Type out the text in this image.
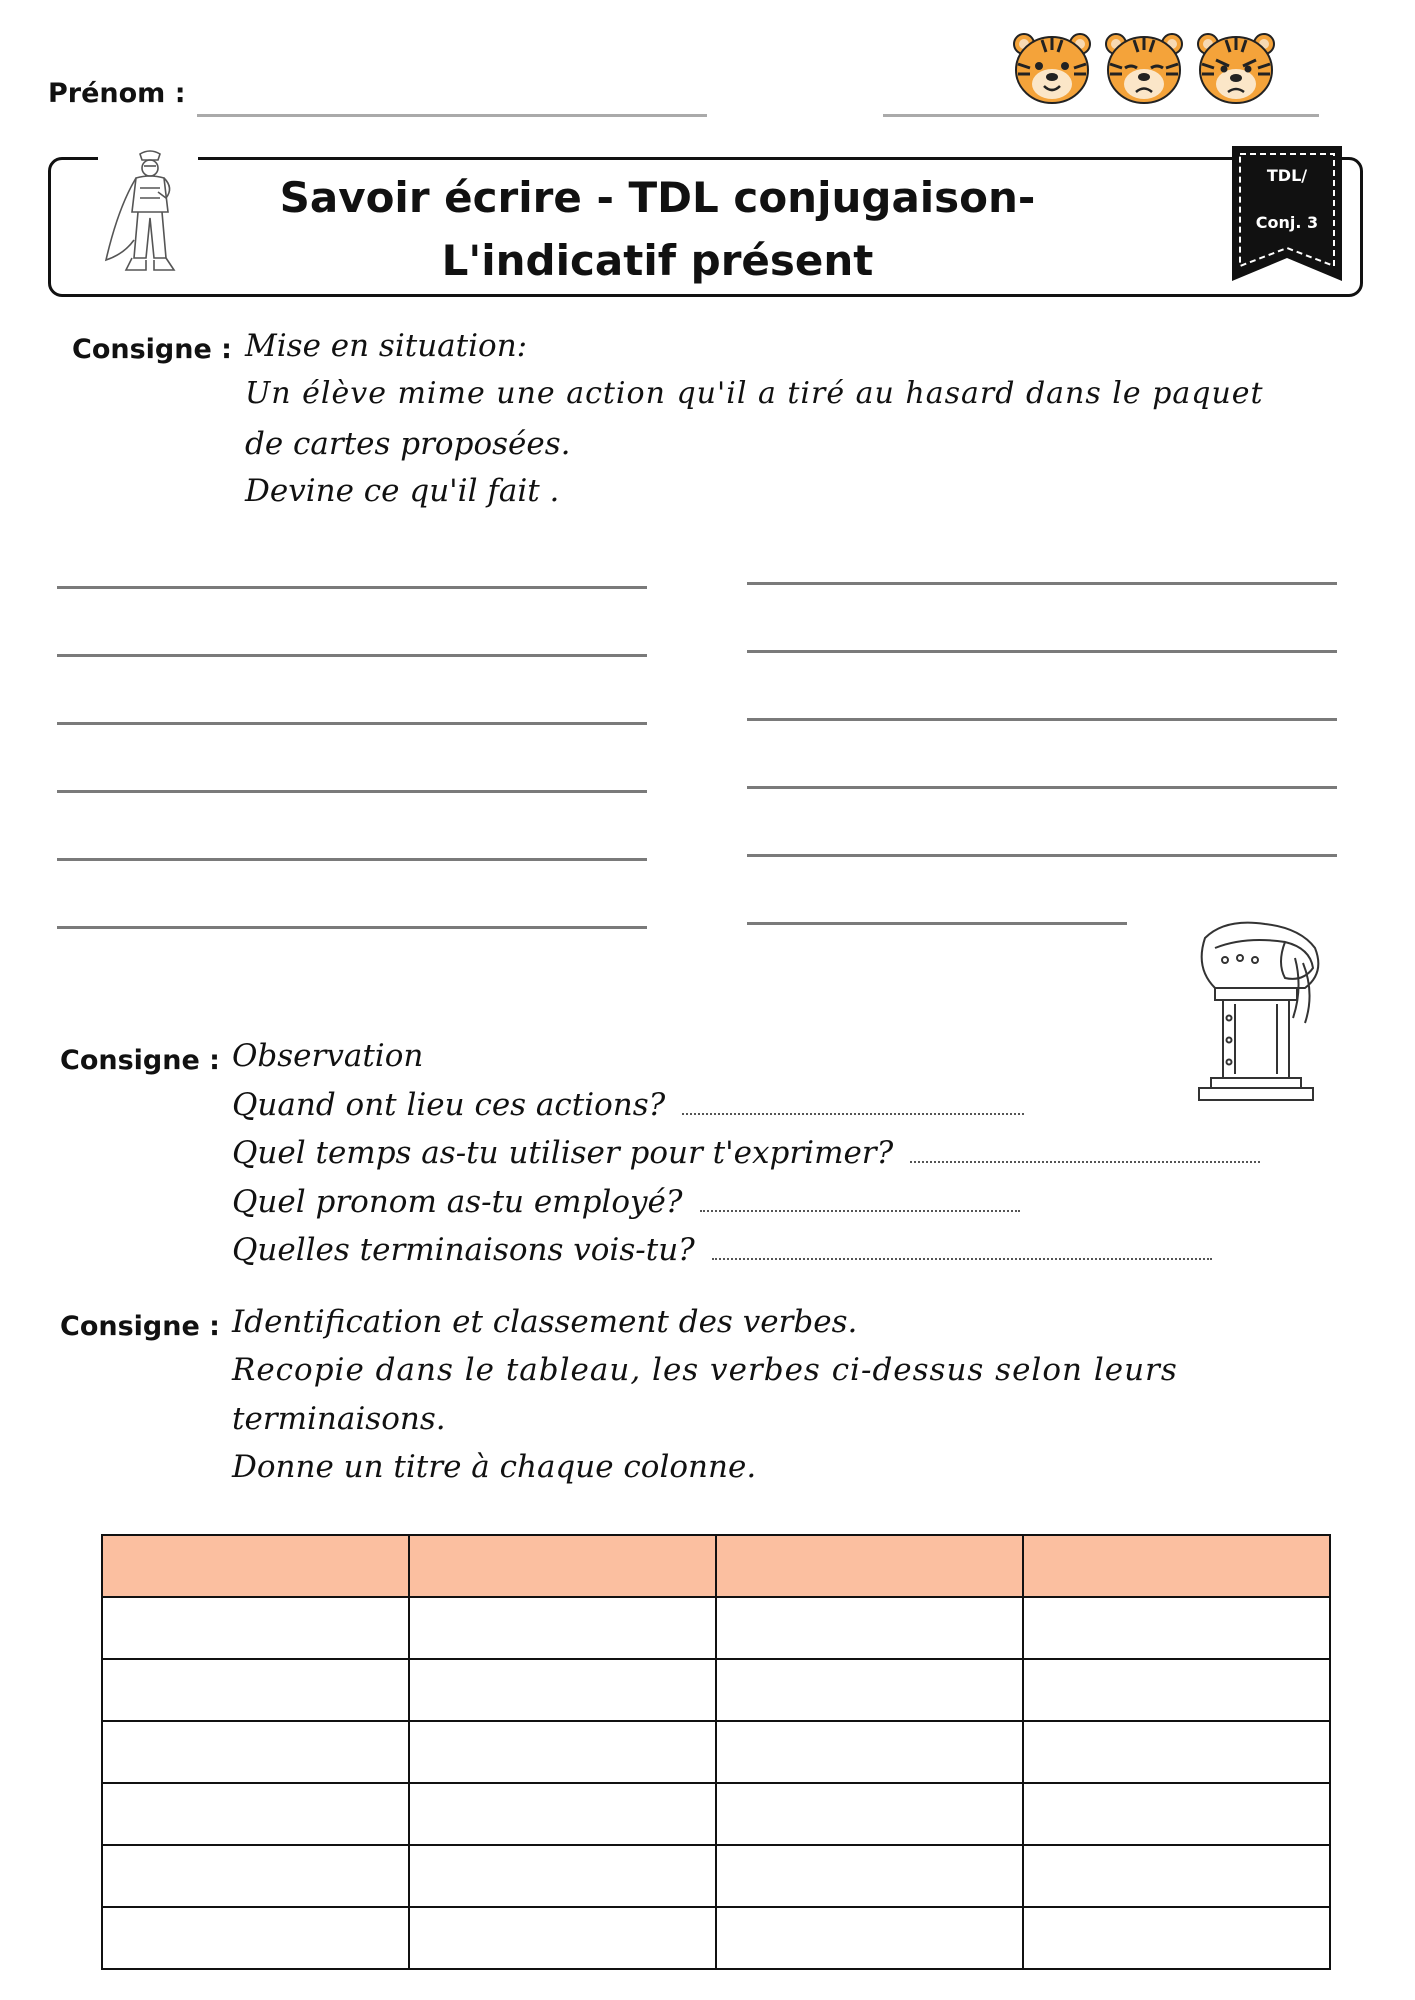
Prénom :
Savoir écrire - TDL conjugaison-
L'indicatif présent
TDL/
Conj. 3
Consigne : Mise en situation:
Un élève mime une action qu'il a tiré au hasard dans le paquet
de cartes proposées.
Devine ce qu'il fait .
Consigne : Observation
Quand ont lieu ces actions?
Quel temps as-tu utiliser pour t'exprimer?
Quel pronom as-tu employé?
Quelles terminaisons vois-tu?
Consigne : Identification et classement des verbes.
Recopie dans le tableau, les verbes ci-dessus selon leurs
terminaisons.
Donne un titre à chaque colonne.
